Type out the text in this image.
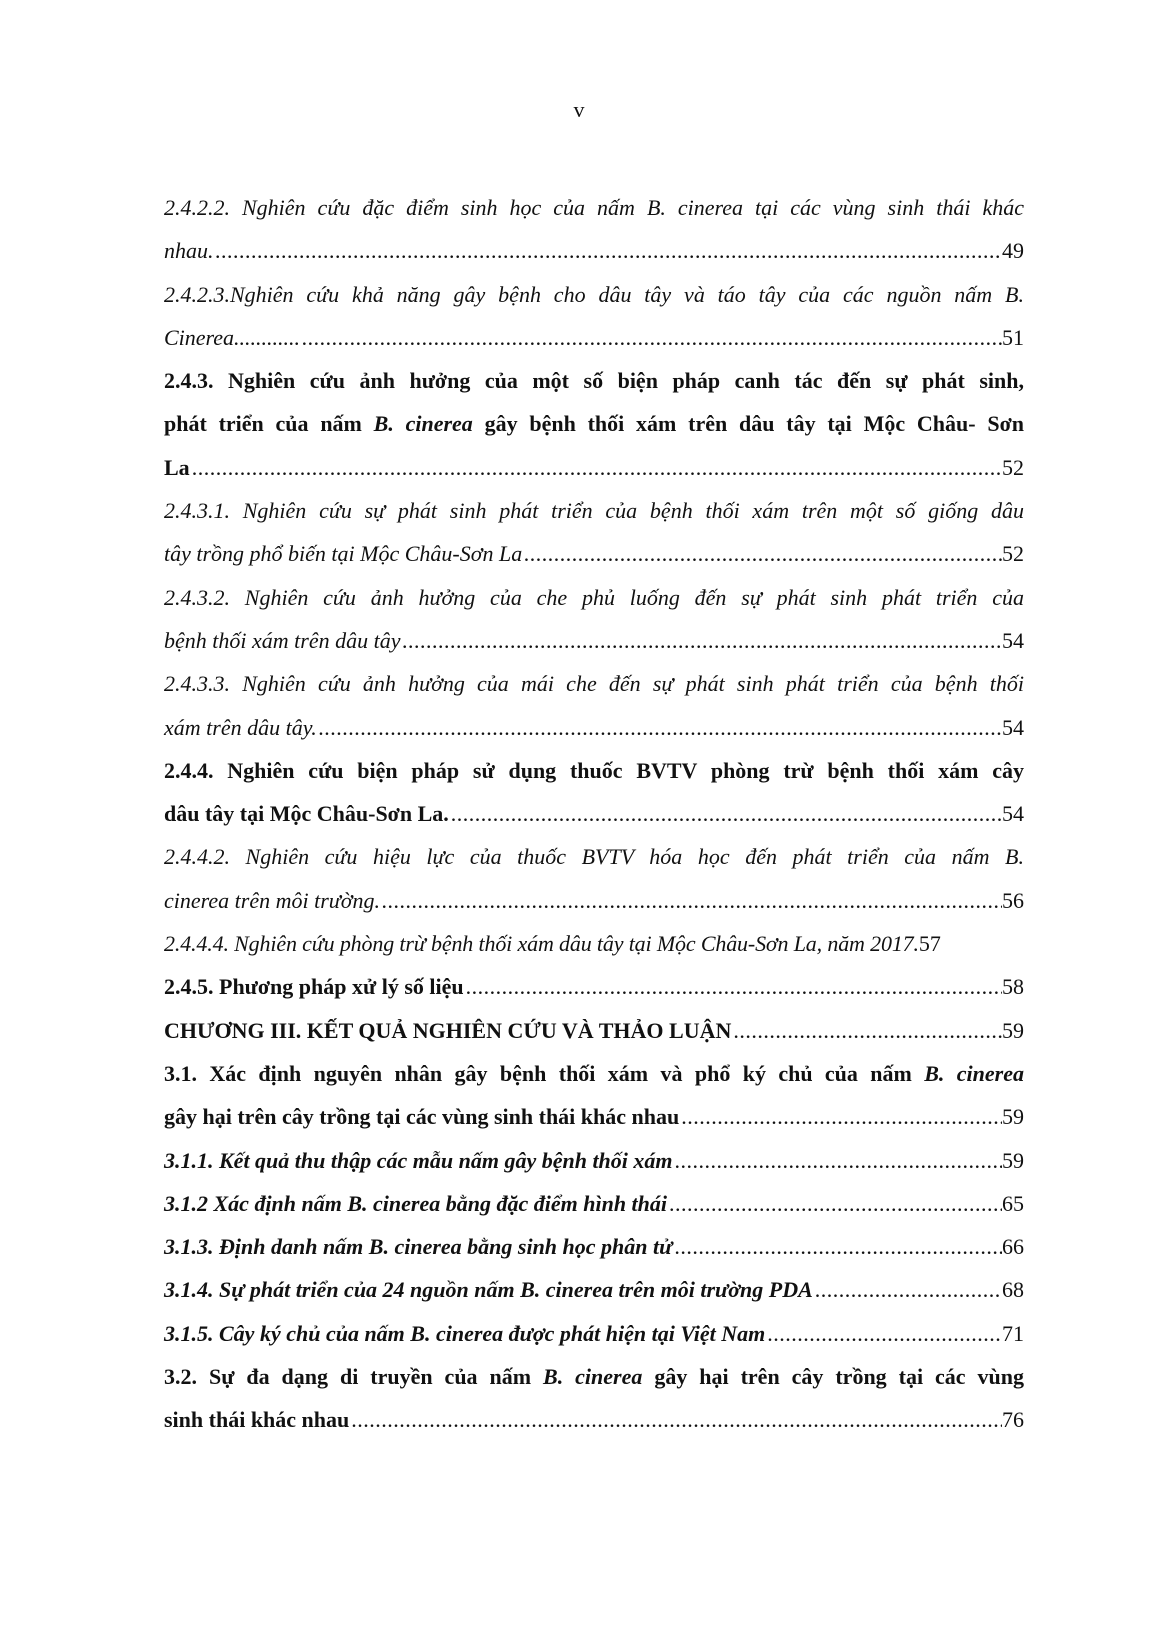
v
2.4.2.2. Nghiên cứu đặc điểm sinh học của nấm B. cinerea tại các vùng sinh thái khác
nhau. .....	49
2.4.2.3.Nghiên cứu khả năng gây bệnh cho dâu tây và táo tây của các nguồn nấm B.
Cinerea............ .....	51
2.4.3. Nghiên cứu ảnh hưởng của một số biện pháp canh tác đến sự phát sinh,
phát triển của nấm B. cinerea gây bệnh thối xám trên dâu tây tại Mộc Châu- Sơn
La .....	52
2.4.3.1. Nghiên cứu sự phát sinh phát triển của bệnh thối xám trên một số giống dâu
tây trồng phổ biến tại Mộc Châu-Sơn La .....	52
2.4.3.2. Nghiên cứu ảnh hưởng của che phủ luống đến sự phát sinh phát triển của
bệnh thối xám trên dâu tây .....	54
2.4.3.3. Nghiên cứu ảnh hưởng của mái che đến sự phát sinh phát triển của bệnh thối
xám trên dâu tây. .....	54
2.4.4. Nghiên cứu biện pháp sử dụng thuốc BVTV phòng trừ bệnh thối xám cây
dâu tây tại Mộc Châu-Sơn La. .....	54
2.4.4.2. Nghiên cứu hiệu lực của thuốc BVTV hóa học đến phát triển của nấm B.
cinerea trên môi trường. .....	56
2.4.4.4. Nghiên cứu phòng trừ bệnh thối xám dâu tây tại Mộc Châu-Sơn La, năm 2017.57
2.4.5. Phương pháp xử lý số liệu .....	58
CHƯƠNG III. KẾT QUẢ NGHIÊN CỨU VÀ THẢO LUẬN .....	59
3.1. Xác định nguyên nhân gây bệnh thối xám và phổ ký chủ của nấm B. cinerea
gây hại trên cây trồng tại các vùng sinh thái khác nhau .....	59
3.1.1. Kết quả thu thập các mẫu nấm gây bệnh thối xám .....	59
3.1.2 Xác định nấm B. cinerea bằng đặc điểm hình thái .....	65
3.1.3. Định danh nấm B. cinerea bằng sinh học phân tử .....	66
3.1.4. Sự phát triển của 24 nguồn nấm B. cinerea trên môi trường PDA .....	68
3.1.5. Cây ký chủ của nấm B. cinerea được phát hiện tại Việt Nam .....	71
3.2. Sự đa dạng di truyền của nấm B. cinerea gây hại trên cây trồng tại các vùng
sinh thái khác nhau .....	76
